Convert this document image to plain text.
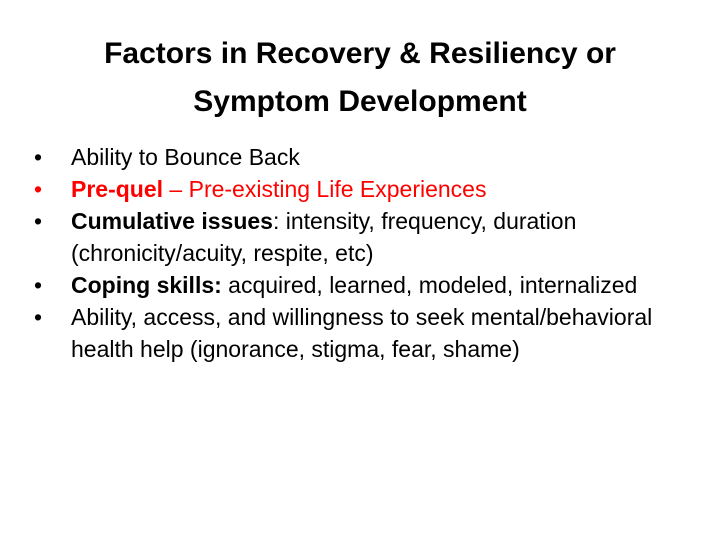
Factors in Recovery & Resiliency or
Symptom Development
• Ability to Bounce Back
• Pre-quel – Pre-existing Life Experiences
• Cumulative issues: intensity, frequency, duration (chronicity/acuity, respite, etc)
• Coping skills: acquired, learned, modeled, internalized
• Ability, access, and willingness to seek mental/behavioral health help (ignorance, stigma, fear, shame)
